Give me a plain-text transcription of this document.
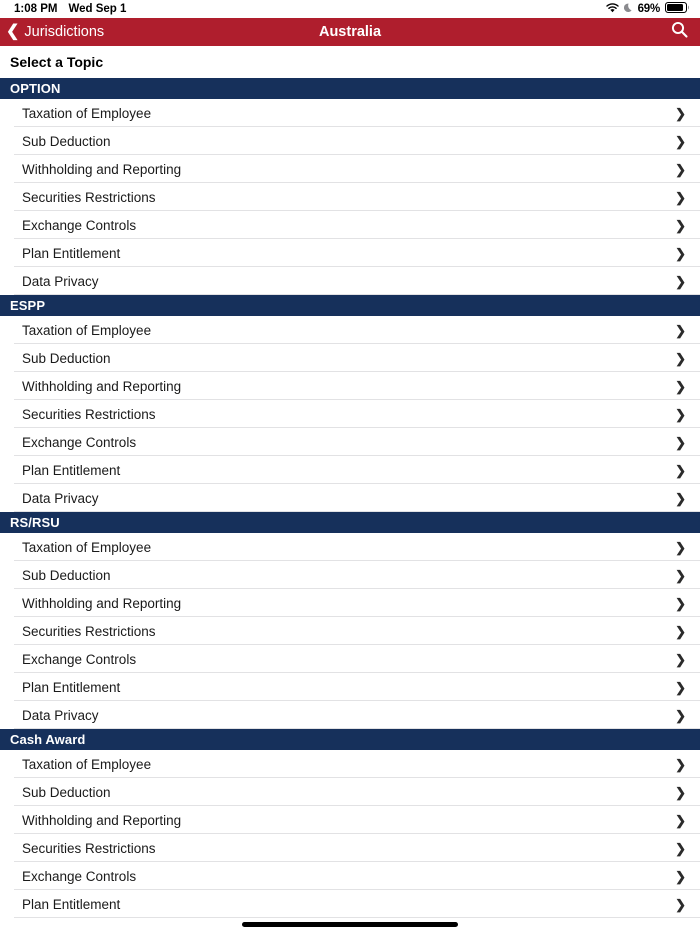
1:08 PM Wed Sep 1	69%
❮ Jurisdictions	Australia
Select a Topic
OPTION
Taxation of Employee	❯
Sub Deduction	❯
Withholding and Reporting	❯
Securities Restrictions	❯
Exchange Controls	❯
Plan Entitlement	❯
Data Privacy	❯
ESPP
Taxation of Employee	❯
Sub Deduction	❯
Withholding and Reporting	❯
Securities Restrictions	❯
Exchange Controls	❯
Plan Entitlement	❯
Data Privacy	❯
RS/RSU
Taxation of Employee	❯
Sub Deduction	❯
Withholding and Reporting	❯
Securities Restrictions	❯
Exchange Controls	❯
Plan Entitlement	❯
Data Privacy	❯
Cash Award
Taxation of Employee	❯
Sub Deduction	❯
Withholding and Reporting	❯
Securities Restrictions	❯
Exchange Controls	❯
Plan Entitlement	❯
